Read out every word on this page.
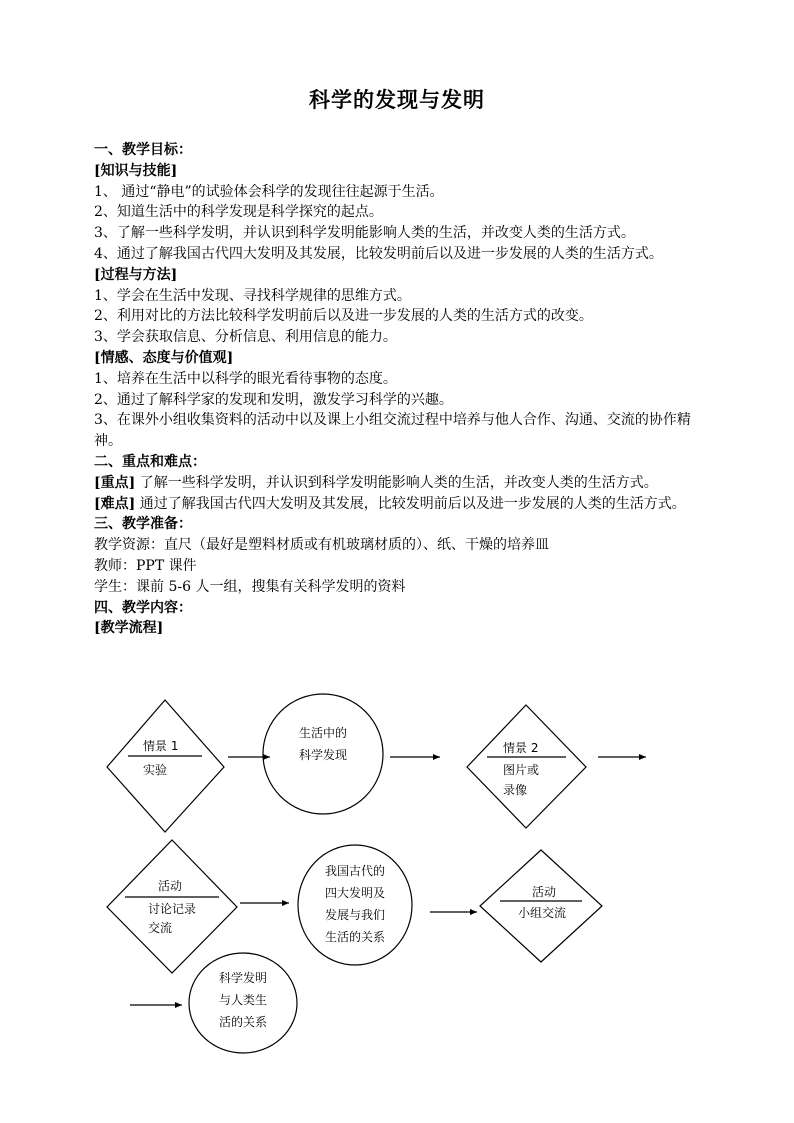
科学的发现与发明

一、教学目标：

[知识与技能]

1、 通过“静电”的试验体会科学的发现往往起源于生活。

2、知道生活中的科学发现是科学探究的起点。

3、了解一些科学发明，并认识到科学发明能影响人类的生活，并改变人类的生活方式。

4、通过了解我国古代四大发明及其发展，比较发明前后以及进一步发展的人类的生活方式。

[过程与方法]

1、学会在生活中发现、寻找科学规律的思维方式。

2、利用对比的方法比较科学发明前后以及进一步发展的人类的生活方式的改变。

3、学会获取信息、分析信息、利用信息的能力。

[情感、态度与价值观]

1、培养在生活中以科学的眼光看待事物的态度。

2、通过了解科学家的发现和发明，激发学习科学的兴趣。

3、在课外小组收集资料的活动中以及课上小组交流过程中培养与他人合作、沟通、交流的协作精神。

二、重点和难点：

[重点] 了解一些科学发明，并认识到科学发明能影响人类的生活，并改变人类的生活方式。

[难点] 通过了解我国古代四大发明及其发展，比较发明前后以及进一步发展的人类的生活方式。

三、教学准备：

教学资源：直尺（最好是塑料材质或有机玻璃材质的）、纸、干燥的培养皿

教师：PPT 课件

学生：课前 5-6 人一组，搜集有关科学发明的资料

四、教学内容：

[教学流程]

情景 1
实验
生活中的
科学发现	情景 2
图片或
录像
活动
讨论记录
交流
我国古代的
四大发明及
发展与我们
生活的关系
活动
小组交流
科学发明
与人类生
活的关系
